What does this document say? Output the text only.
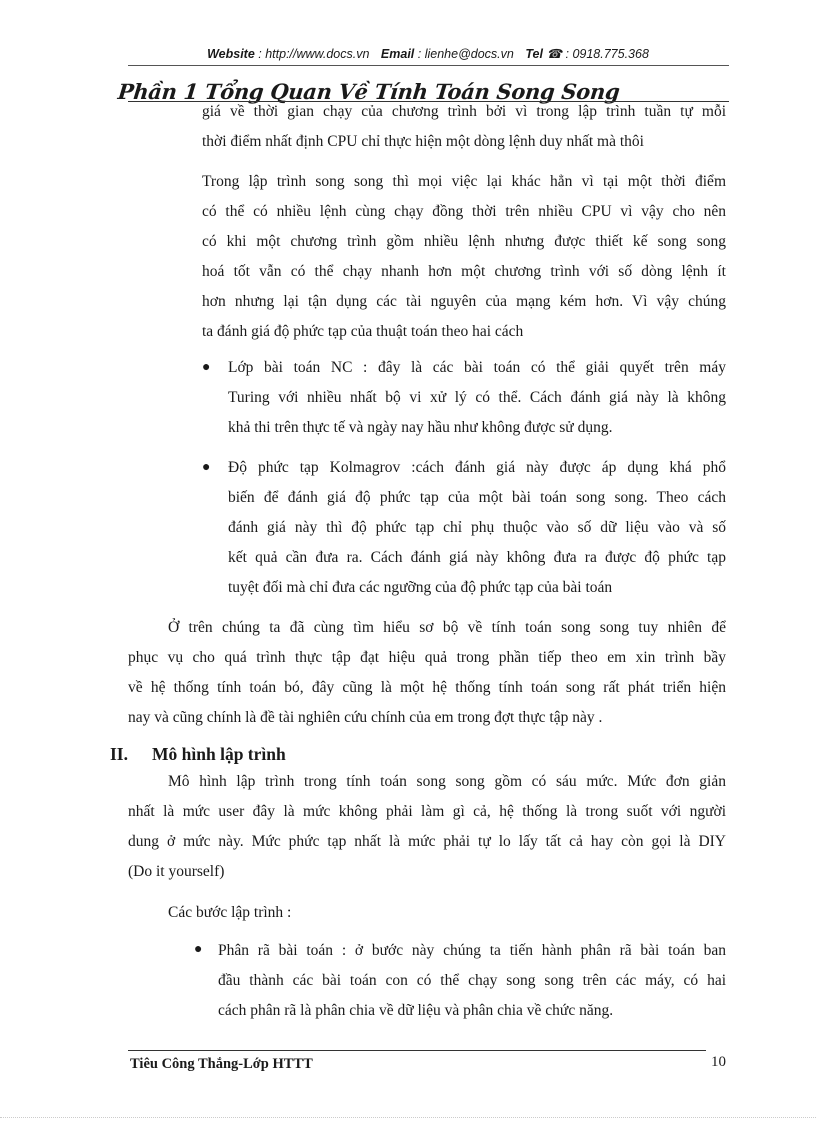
Website : http://www.docs.vn Email : lienhe@docs.vn Tel ☎ : 0918.775.368
Phần 1 Tổng Quan Về Tính Toán Song Song
giá về thời gian chạy của chương trình bởi vì trong lập trình tuần tự mỗi
thời điểm nhất định CPU chỉ thực hiện một dòng lệnh duy nhất mà thôi
Trong lập trình song song thì mọi việc lại khác hẳn vì tại một thời điểm
có thể có nhiều lệnh cùng chạy đồng thời trên nhiều CPU vì vậy cho nên
có khi một chương trình gồm nhiều lệnh nhưng được thiết kế song song
hoá tốt vẫn có thể chạy nhanh hơn một chương trình với số dòng lệnh ít
hơn nhưng lại tận dụng các tài nguyên của mạng kém hơn. Vì vậy chúng
ta đánh giá độ phức tạp của thuật toán theo hai cách
● Lớp bài toán NC : đây là các bài toán có thể giải quyết trên máy
Turing với nhiều nhất bộ vi xử lý có thể. Cách đánh giá này là không
khả thi trên thực tế và ngày nay hầu như không được sử dụng.
● Độ phức tạp Kolmagrov :cách đánh giá này được áp dụng khá phổ
biến để đánh giá độ phức tạp của một bài toán song song. Theo cách
đánh giá này thì độ phức tạp chỉ phụ thuộc vào số dữ liệu vào và số
kết quả cần đưa ra. Cách đánh giá này không đưa ra được độ phức tạp
tuyệt đối mà chỉ đưa các ngưỡng của độ phức tạp của bài toán
Ở trên chúng ta đã cùng tìm hiểu sơ bộ về tính toán song song tuy nhiên để
phục vụ cho quá trình thực tập đạt hiệu quả trong phần tiếp theo em xin trình bầy
về hệ thống tính toán bó, đây cũng là một hệ thống tính toán song rất phát triển hiện
nay và cũng chính là đề tài nghiên cứu chính của em trong đợt thực tập này .
II. Mô hình lập trình
Mô hình lập trình trong tính toán song song gồm có sáu mức. Mức đơn giản
nhất là mức user đây là mức không phải làm gì cả, hệ thống là trong suốt với người
dung ở mức này. Mức phức tạp nhất là mức phải tự lo lấy tất cả hay còn gọi là DIY
(Do it yourself)
Các bước lập trình :
● Phân rã bài toán : ở bước này chúng ta tiến hành phân rã bài toán ban
đầu thành các bài toán con có thể chạy song song trên các máy, có hai
cách phân rã là phân chia về dữ liệu và phân chia về chức năng.
Tiêu Công Thắng-Lớp HTTT	10
